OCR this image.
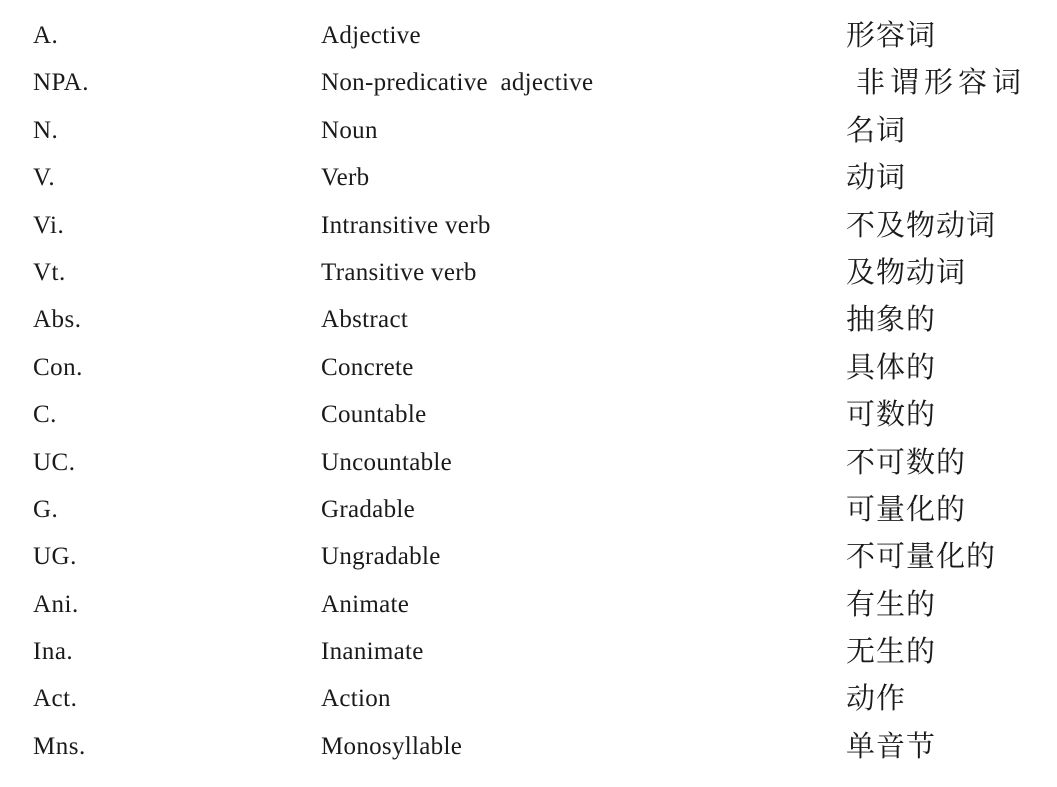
A.	Adjective	形容词
NPA.	Non-predicative adjective	非谓形容词
N.	Noun	名词
V.	Verb	动词
Vi.	Intransitive verb	不及物动词
Vt.	Transitive verb	及物动词
Abs.	Abstract	抽象的
Con.	Concrete	具体的
C.	Countable	可数的
UC.	Uncountable	不可数的
G.	Gradable	可量化的
UG.	Ungradable	不可量化的
Ani.	Animate	有生的
Ina.	Inanimate	无生的
Act.	Action	动作
Mns.	Monosyllable	单音节
